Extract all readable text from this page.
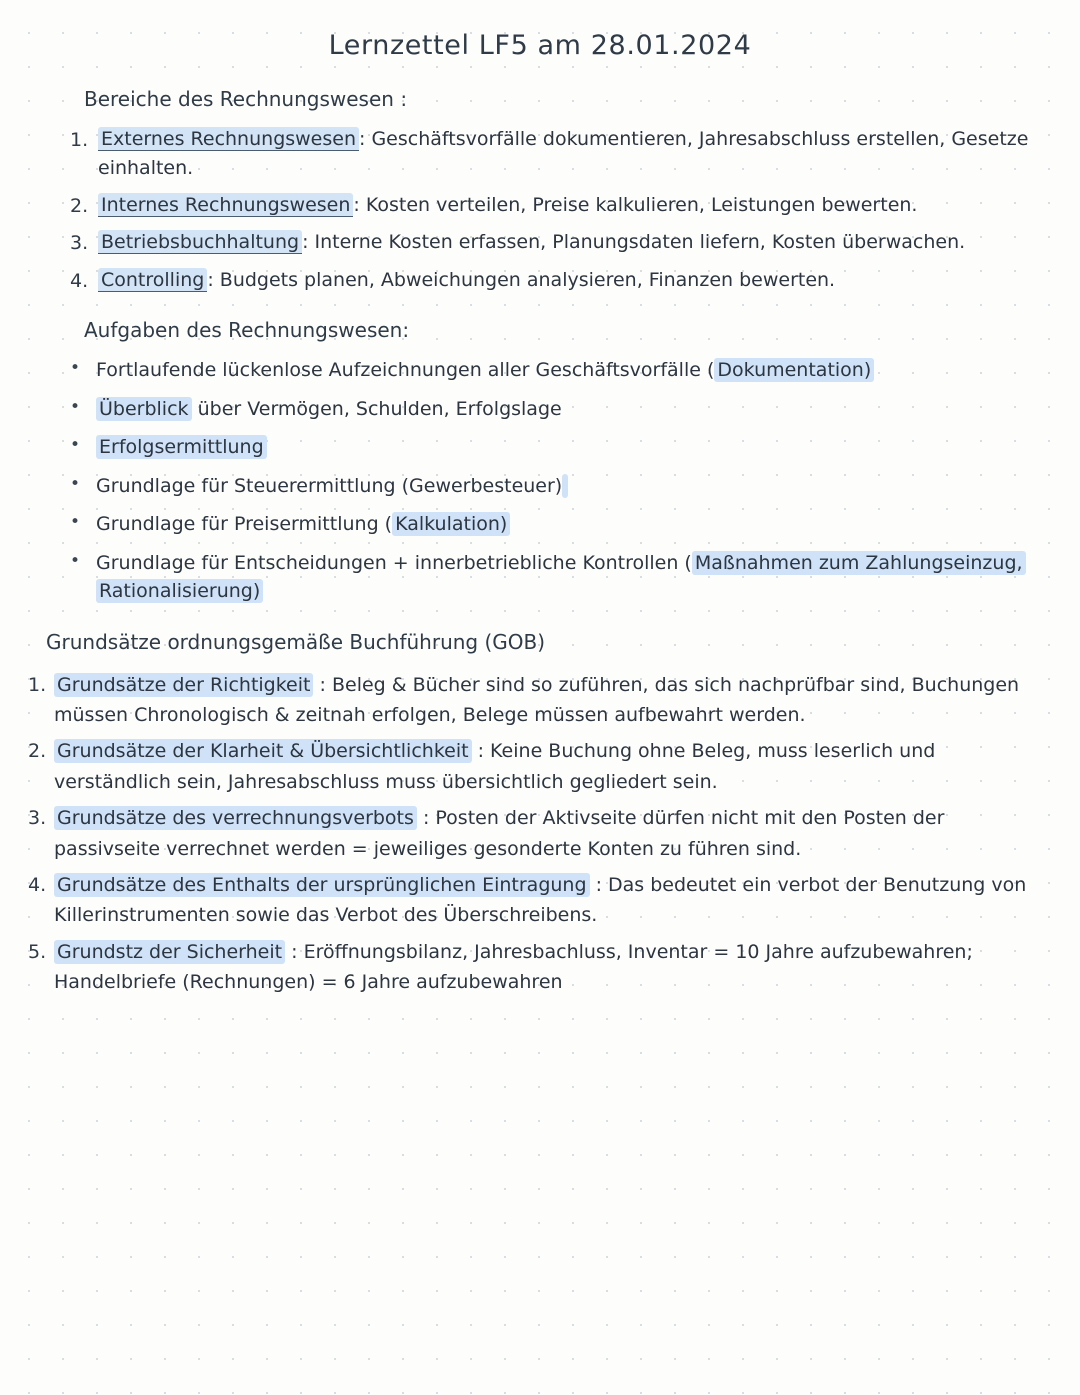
Lernzettel LF5 am 28.01.2024
Bereiche des Rechnungswesen :
1. Externes Rechnungswesen : Geschäftsvorfälle dokumentieren, Jahresabschluss erstellen, Gesetze einhalten.
2. Internes Rechnungswesen : Kosten verteilen, Preise kalkulieren, Leistungen bewerten.
3. Betriebsbuchhaltung : Interne Kosten erfassen, Planungsdaten liefern, Kosten überwachen.
4. Controlling : Budgets planen, Abweichungen analysieren, Finanzen bewerten.
Aufgaben des Rechnungswesen:
• Fortlaufende lückenlose Aufzeichnungen aller Geschäftsvorfälle ( Dokumentation)
• Überblick über Vermögen, Schulden, Erfolgslage
• Erfolgsermittlung
• Grundlage für Steuerermittlung (Gewerbesteuer)
• Grundlage für Preisermittlung ( Kalkulation)
• Grundlage für Entscheidungen + innerbetriebliche Kontrollen ( Maßnahmen zum Zahlungseinzug, Rationalisierung)
Grundsätze ordnungsgemäße Buchführung (GOB)
1. Grundsätze der Richtigkeit : Beleg & Bücher sind so zuführen, das sich nachprüfbar sind, Buchungen müssen Chronologisch & zeitnah erfolgen, Belege müssen aufbewahrt werden.
2. Grundsätze der Klarheit & Übersichtlichkeit : Keine Buchung ohne Beleg, muss leserlich und verständlich sein, Jahresabschluss muss übersichtlich gegliedert sein.
3. Grundsätze des verrechnungsverbots : Posten der Aktivseite dürfen nicht mit den Posten der passivseite verrechnet werden = jeweiliges gesonderte Konten zu führen sind.
4. Grundsätze des Enthalts der ursprünglichen Eintragung : Das bedeutet ein verbot der Benutzung von Killerinstrumenten sowie das Verbot des Überschreibens.
5. Grundstz der Sicherheit : Eröffnungsbilanz, Jahresbachluss, Inventar = 10 Jahre aufzubewahren; Handelbriefe (Rechnungen) = 6 Jahre aufzubewahren
